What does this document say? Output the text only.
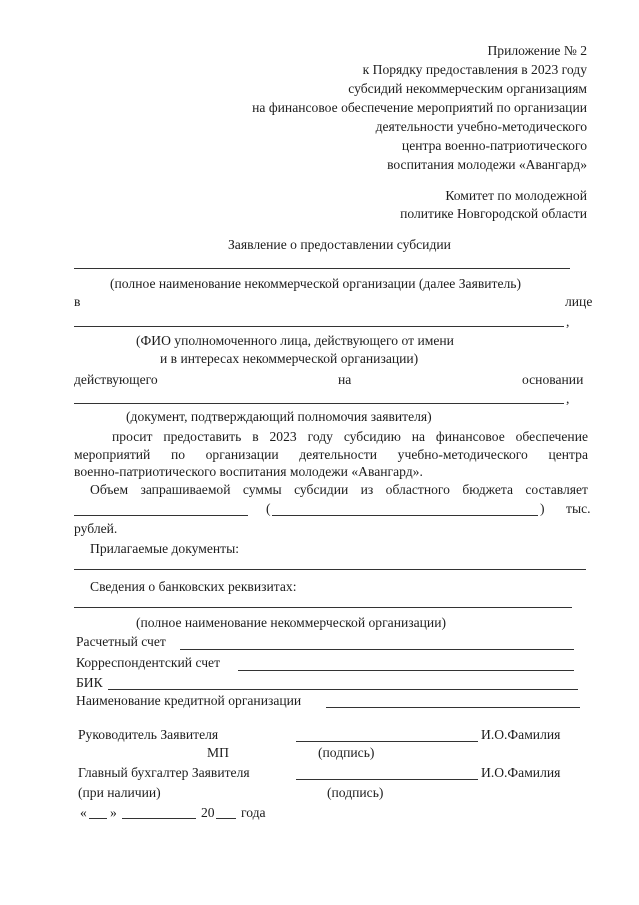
Приложение № 2
к Порядку предоставления в 2023 году
субсидий некоммерческим организациям
на финансовое обеспечение мероприятий по организации
деятельности учебно-методического
центра военно-патриотического
воспитания молодежи «Авангард»
Комитет по молодежной
политике Новгородской области
Заявление о предоставлении субсидии
(полное наименование некоммерческой организации (далее Заявитель)
в	лице
,
(ФИО уполномоченного лица, действующего от имени
и в интересах некоммерческой организации)
действующего	на	основании
,
(документ, подтверждающий полномочия заявителя)
просит предоставить в 2023 году субсидию на финансовое обеспечение
мероприятий по организации деятельности учебно-методического центра
военно-патриотического воспитания молодежи «Авангард».
Объем запрашиваемой суммы субсидии из областного бюджета составляет
(	) тыс.
рублей.
Прилагаемые документы:
Сведения о банковских реквизитах:
(полное наименование некоммерческой организации)
Расчетный счет
Корреспондентский счет
БИК
Наименование кредитной организации
Руководитель Заявителя	И.О.Фамилия
МП	(подпись)
Главный бухгалтер Заявителя	И.О.Фамилия
(при наличии)	(подпись)
« »	20 года
